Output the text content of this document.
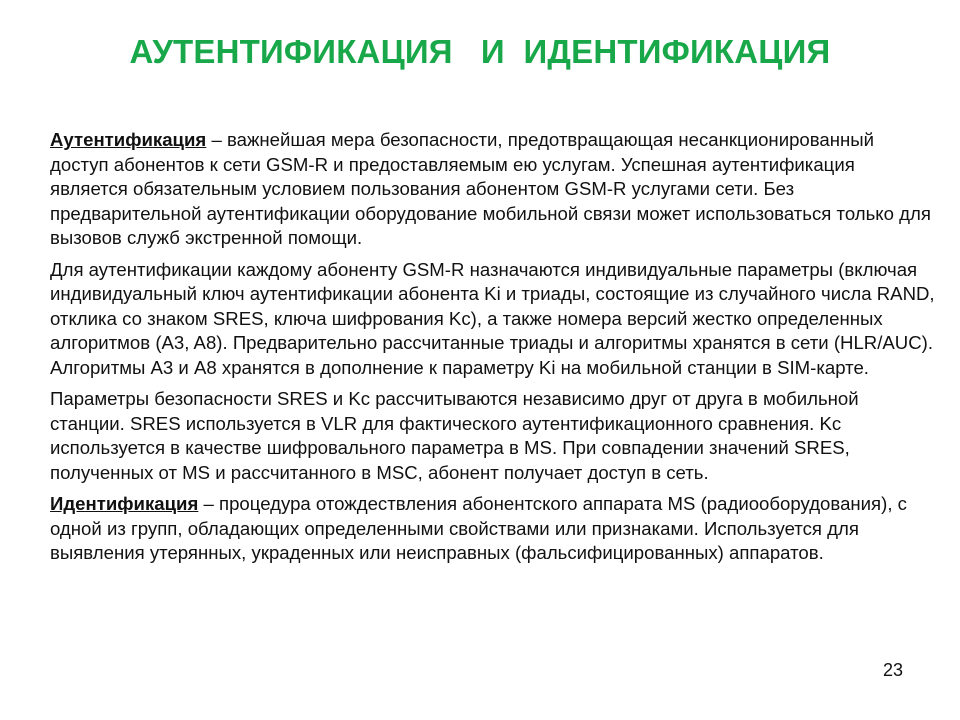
АУТЕНТИФИКАЦИЯ   И  ИДЕНТИФИКАЦИЯ

Аутентификация – важнейшая мера безопасности, предотвращающая несанкционированный доступ абонентов к сети GSM-R и предоставляемым ею услугам. Успешная аутентификация является обязательным условием пользования абонентом GSM-R услугами сети. Без предварительной аутентификации оборудование мобильной связи может использоваться только для вызовов служб экстренной помощи.

Для аутентификации каждому абоненту GSM-R назначаются индивидуальные параметры (включая индивидуальный ключ аутентификации абонента Ki и триады, состоящие из случайного числа RAND, отклика со знаком SRES, ключа шифрования Kc), а также номера версий жестко определенных алгоритмов (A3, A8). Предварительно рассчитанные триады и алгоритмы хранятся в сети (HLR/AUC). Алгоритмы А3 и А8 хранятся в дополнение к параметру Ki на мобильной станции в SIM-карте.

Параметры безопасности SRES и Kc рассчитываются независимо друг от друга в мобильной станции. SRES используется в VLR для фактического аутентификационного сравнения. Kc используется в качестве шифровального параметра в MS. При совпадении значений SRES, полученных от MS и рассчитанного в MSC, абонент получает доступ в сеть.

Идентификация – процедура отождествления абонентского аппарата MS (радиооборудования), с одной из групп, обладающих определенными свойствами или признаками. Используется для выявления утерянных, украденных или неисправных (фальсифицированных) аппаратов.

23
